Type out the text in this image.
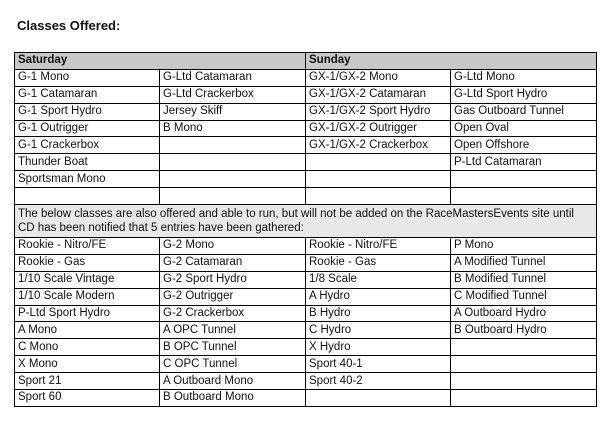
Classes Offered:
Saturday		Sunday	
G-1 Mono	G-Ltd Catamaran	GX-1/GX-2 Mono	G-Ltd Mono
G-1 Catamaran	G-Ltd Crackerbox	GX-1/GX-2 Catamaran	G-Ltd Sport Hydro
G-1 Sport Hydro	Jersey Skiff	GX-1/GX-2 Sport Hydro	Gas Outboard Tunnel
G-1 Outrigger	B Mono	GX-1/GX-2 Outrigger	Open Oval
G-1 Crackerbox		GX-1/GX-2 Crackerbox	Open Offshore
Thunder Boat			P-Ltd Catamaran
Sportsman Mono			

The below classes are also offered and able to run, but will not be added on the RaceMastersEvents site until CD has been notified that 5 entries have been gathered:			
Rookie - Nitro/FE	G-2 Mono	Rookie - Nitro/FE	P Mono
Rookie - Gas	G-2 Catamaran	Rookie - Gas	A Modified Tunnel
1/10 Scale Vintage	G-2 Sport Hydro	1/8 Scale	B Modified Tunnel
1/10 Scale Modern	G-2 Outrigger	A Hydro	C Modified Tunnel
P-Ltd Sport Hydro	G-2 Crackerbox	B Hydro	A Outboard Hydro
A Mono	A OPC Tunnel	C Hydro	B Outboard Hydro
C Mono	B OPC Tunnel	X Hydro	
X Mono	C OPC Tunnel	Sport 40-1	
Sport 21	A Outboard Mono	Sport 40-2	
Sport 60	B Outboard Mono		
